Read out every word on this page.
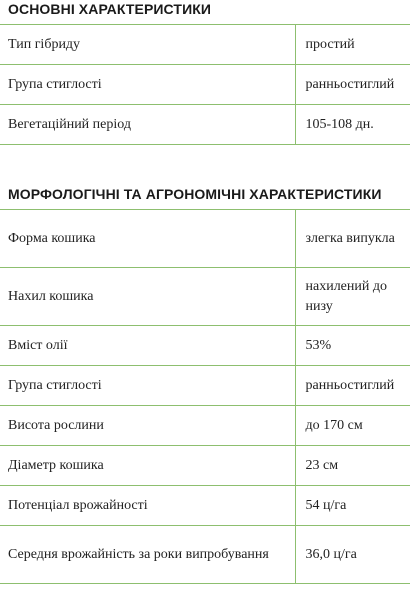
ОСНОВНІ ХАРАКТЕРИСТИКИ
Тип гібриду	простий
Група стиглості	ранньостиглий
Вегетаційний період	105-108 дн.
МОРФОЛОГІЧНІ ТА АГРОНОМІЧНІ ХАРАКТЕРИСТИКИ
Форма кошика	злегка випукла
Нахил кошика	нахилений до низу
Вміст олії	53%
Група стиглості	ранньостиглий
Висота рослини	до 170 см
Діаметр кошика	23 см
Потенціал врожайності	54 ц/га
Середня врожайність за роки випробування	36,0 ц/га
